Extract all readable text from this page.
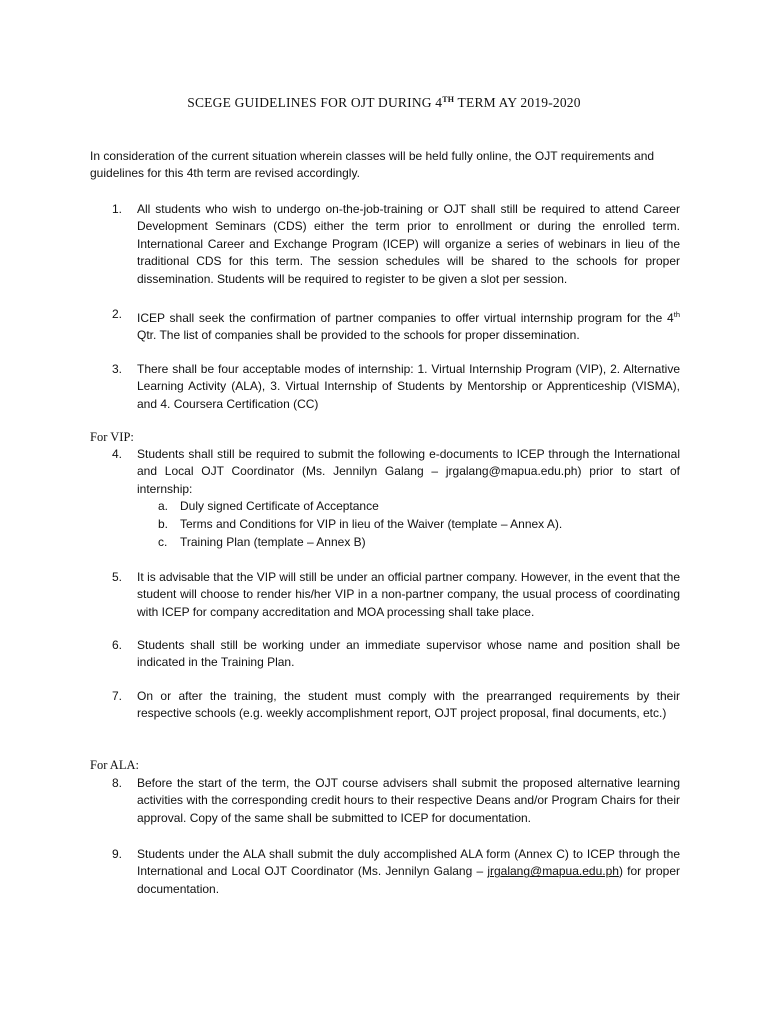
SCEGE GUIDELINES FOR OJT DURING 4TH TERM AY 2019-2020
In consideration of the current situation wherein classes will be held fully online, the OJT requirements and guidelines for this 4th term are revised accordingly.
1. All students who wish to undergo on-the-job-training or OJT shall still be required to attend Career Development Seminars (CDS) either the term prior to enrollment or during the enrolled term. International Career and Exchange Program (ICEP) will organize a series of webinars in lieu of the traditional CDS for this term. The session schedules will be shared to the schools for proper dissemination. Students will be required to register to be given a slot per session.
2. ICEP shall seek the confirmation of partner companies to offer virtual internship program for the 4th Qtr. The list of companies shall be provided to the schools for proper dissemination.
3. There shall be four acceptable modes of internship: 1. Virtual Internship Program (VIP), 2. Alternative Learning Activity (ALA), 3. Virtual Internship of Students by Mentorship or Apprenticeship (VISMA), and 4. Coursera Certification (CC)
For VIP:
4. Students shall still be required to submit the following e-documents to ICEP through the International and Local OJT Coordinator (Ms. Jennilyn Galang – jrgalang@mapua.edu.ph) prior to start of internship:
a. Duly signed Certificate of Acceptance
b. Terms and Conditions for VIP in lieu of the Waiver (template – Annex A).
c. Training Plan (template – Annex B)
5. It is advisable that the VIP will still be under an official partner company. However, in the event that the student will choose to render his/her VIP in a non-partner company, the usual process of coordinating with ICEP for company accreditation and MOA processing shall take place.
6. Students shall still be working under an immediate supervisor whose name and position shall be indicated in the Training Plan.
7. On or after the training, the student must comply with the prearranged requirements by their respective schools (e.g. weekly accomplishment report, OJT project proposal, final documents, etc.)
For ALA:
8. Before the start of the term, the OJT course advisers shall submit the proposed alternative learning activities with the corresponding credit hours to their respective Deans and/or Program Chairs for their approval. Copy of the same shall be submitted to ICEP for documentation.
9. Students under the ALA shall submit the duly accomplished ALA form (Annex C) to ICEP through the International and Local OJT Coordinator (Ms. Jennilyn Galang – jrgalang@mapua.edu.ph) for proper documentation.
